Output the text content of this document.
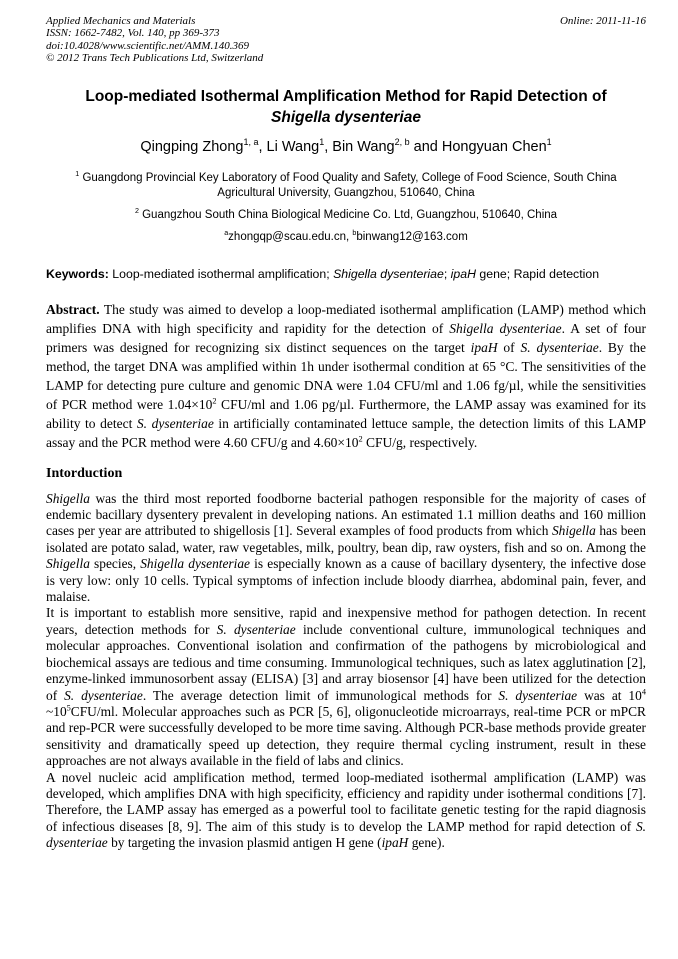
Applied Mechanics and Materials
ISSN: 1662-7482, Vol. 140, pp 369-373
doi:10.4028/www.scientific.net/AMM.140.369
© 2012 Trans Tech Publications Ltd, Switzerland
Online: 2011-11-16
Loop-mediated Isothermal Amplification Method for Rapid Detection of
Shigella dysenteriae
Qingping Zhong$^{1, a}$, Li Wang$^1$, Bin Wang$^{2, b}$ and Hongyuan Chen$^1$
$^1$ Guangdong Provincial Key Laboratory of Food Quality and Safety, College of Food Science, South China Agricultural University, Guangzhou, 510640, China
$^2$ Guangzhou South China Biological Medicine Co. Ltd, Guangzhou, 510640, China
$^a$zhongqp@scau.edu.cn, $^b$binwang12@163.com

Keywords: Loop-mediated isothermal amplification; Shigella dysenteriae; ipaH gene; Rapid detection

Abstract. The study was aimed to develop a loop-mediated isothermal amplification (LAMP) method which amplifies DNA with high specificity and rapidity for the detection of Shigella dysenteriae. A set of four primers was designed for recognizing six distinct sequences on the target ipaH of S. dysenteriae. By the method, the target DNA was amplified within 1h under isothermal condition at 65 °C. The sensitivities of the LAMP for detecting pure culture and genomic DNA were 1.04 CFU/ml and 1.06 fg/µl, while the sensitivities of PCR method were $1.04\times 10^2$ CFU/ml and 1.06 pg/µl. Furthermore, the LAMP assay was examined for its ability to detect S. dysenteriae in artificially contaminated lettuce sample, the detection limits of this LAMP assay and the PCR method were 4.60 CFU/g and $4.60\times 10^2$ CFU/g, respectively.

Intorduction

Shigella was the third most reported foodborne bacterial pathogen responsible for the majority of cases of endemic bacillary dysentery prevalent in developing nations. An estimated 1.1 million deaths and 160 million cases per year are attributed to shigellosis [1]. Several examples of food products from which Shigella has been isolated are potato salad, water, raw vegetables, milk, poultry, bean dip, raw oysters, fish and so on. Among the Shigella species, Shigella dysenteriae is especially known as a cause of bacillary dysentery, the infective dose is very low: only 10 cells. Typical symptoms of infection include bloody diarrhea, abdominal pain, fever, and malaise.

It is important to establish more sensitive, rapid and inexpensive method for pathogen detection. In recent years, detection methods for S. dysenteriae include conventional culture, immunological techniques and molecular approaches. Conventional isolation and confirmation of the pathogens by microbiological and biochemical assays are tedious and time consuming. Immunological techniques, such as latex agglutination [2], enzyme-linked immunosorbent assay (ELISA) [3] and array biosensor [4] have been utilized for the detection of S. dysenteriae. The average detection limit of immunological methods for S. dysenteriae was at $10^4$ $\sim 10^5CFU/ml$. Molecular approaches such as PCR [5, 6], oligonucleotide microarrays, real-time PCR or mPCR and rep-PCR were successfully developed to be more time saving. Although PCR-base methods provide greater sensitivity and dramatically speed up detection, they require thermal cycling instrument, result in these approaches are not always available in the field of labs and clinics.

A novel nucleic acid amplification method, termed loop-mediated isothermal amplification (LAMP) was developed, which amplifies DNA with high specificity, efficiency and rapidity under isothermal conditions [7]. Therefore, the LAMP assay has emerged as a powerful tool to facilitate genetic testing for the rapid diagnosis of infectious diseases [8, 9]. The aim of this study is to develop the LAMP method for rapid detection of S. dysenteriae by targeting the invasion plasmid antigen H gene (ipaH gene).
